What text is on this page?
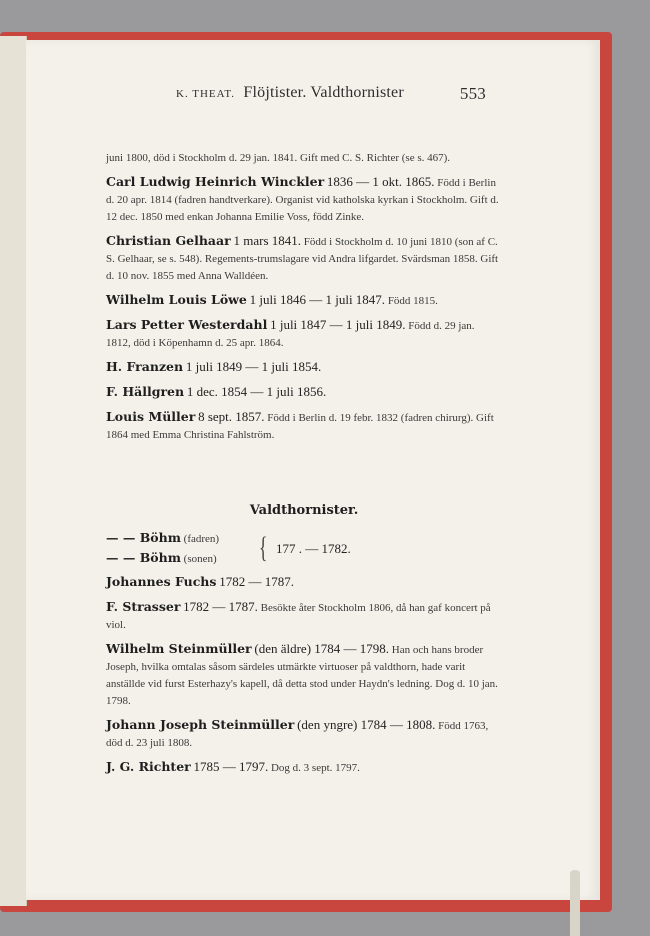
K. THEAT. Flöjtister. Valdthornister	553

juni 1800, död i Stockholm d. 29 jan. 1841. Gift med C. S. Richter (se s. 467).

Carl Ludwig Heinrich Winckler 1836 — 1 okt. 1865. Född i Berlin d. 20 apr. 1814 (fadren handtverkare). Organist vid katholska kyrkan i Stockholm. Gift d. 12 dec. 1850 med enkan Johanna Emilie Voss, född Zinke.

Christian Gelhaar 1 mars 1841. Född i Stockholm d. 10 juni 1810 (son af C. S. Gelhaar, se s. 548). Regements-trumslagare vid Andra lifgardet. Svärdsman 1858. Gift d. 10 nov. 1855 med Anna Walldéen.

Wilhelm Louis Löwe 1 juli 1846 — 1 juli 1847. Född 1815.

Lars Petter Westerdahl 1 juli 1847 — 1 juli 1849. Född d. 29 jan. 1812, död i Köpenhamn d. 25 apr. 1864.

H. Franzen 1 juli 1849 — 1 juli 1854.

F. Hällgren 1 dec. 1854 — 1 juli 1856.

Louis Müller 8 sept. 1857. Född i Berlin d. 19 febr. 1832 (fadren chirurg). Gift 1864 med Emma Christina Fahlström.

Valdthornister.
— — Böhm (fadren)
— — Böhm (sonen) { 177 . — 1782.

Johannes Fuchs 1782 — 1787.

F. Strasser 1782 — 1787. Besökte åter Stockholm 1806, då han gaf koncert på viol.

Wilhelm Steinmüller (den äldre) 1784 — 1798. Han och hans broder Joseph, hvilka omtalas såsom särdeles utmärkte virtuoser på valdthorn, hade varit anställde vid furst Esterhazy's kapell, då detta stod under Haydn's ledning. Dog d. 10 jan. 1798.

Johann Joseph Steinmüller (den yngre) 1784 — 1808. Född 1763, död d. 23 juli 1808.

J. G. Richter 1785 — 1797. Dog d. 3 sept. 1797.
